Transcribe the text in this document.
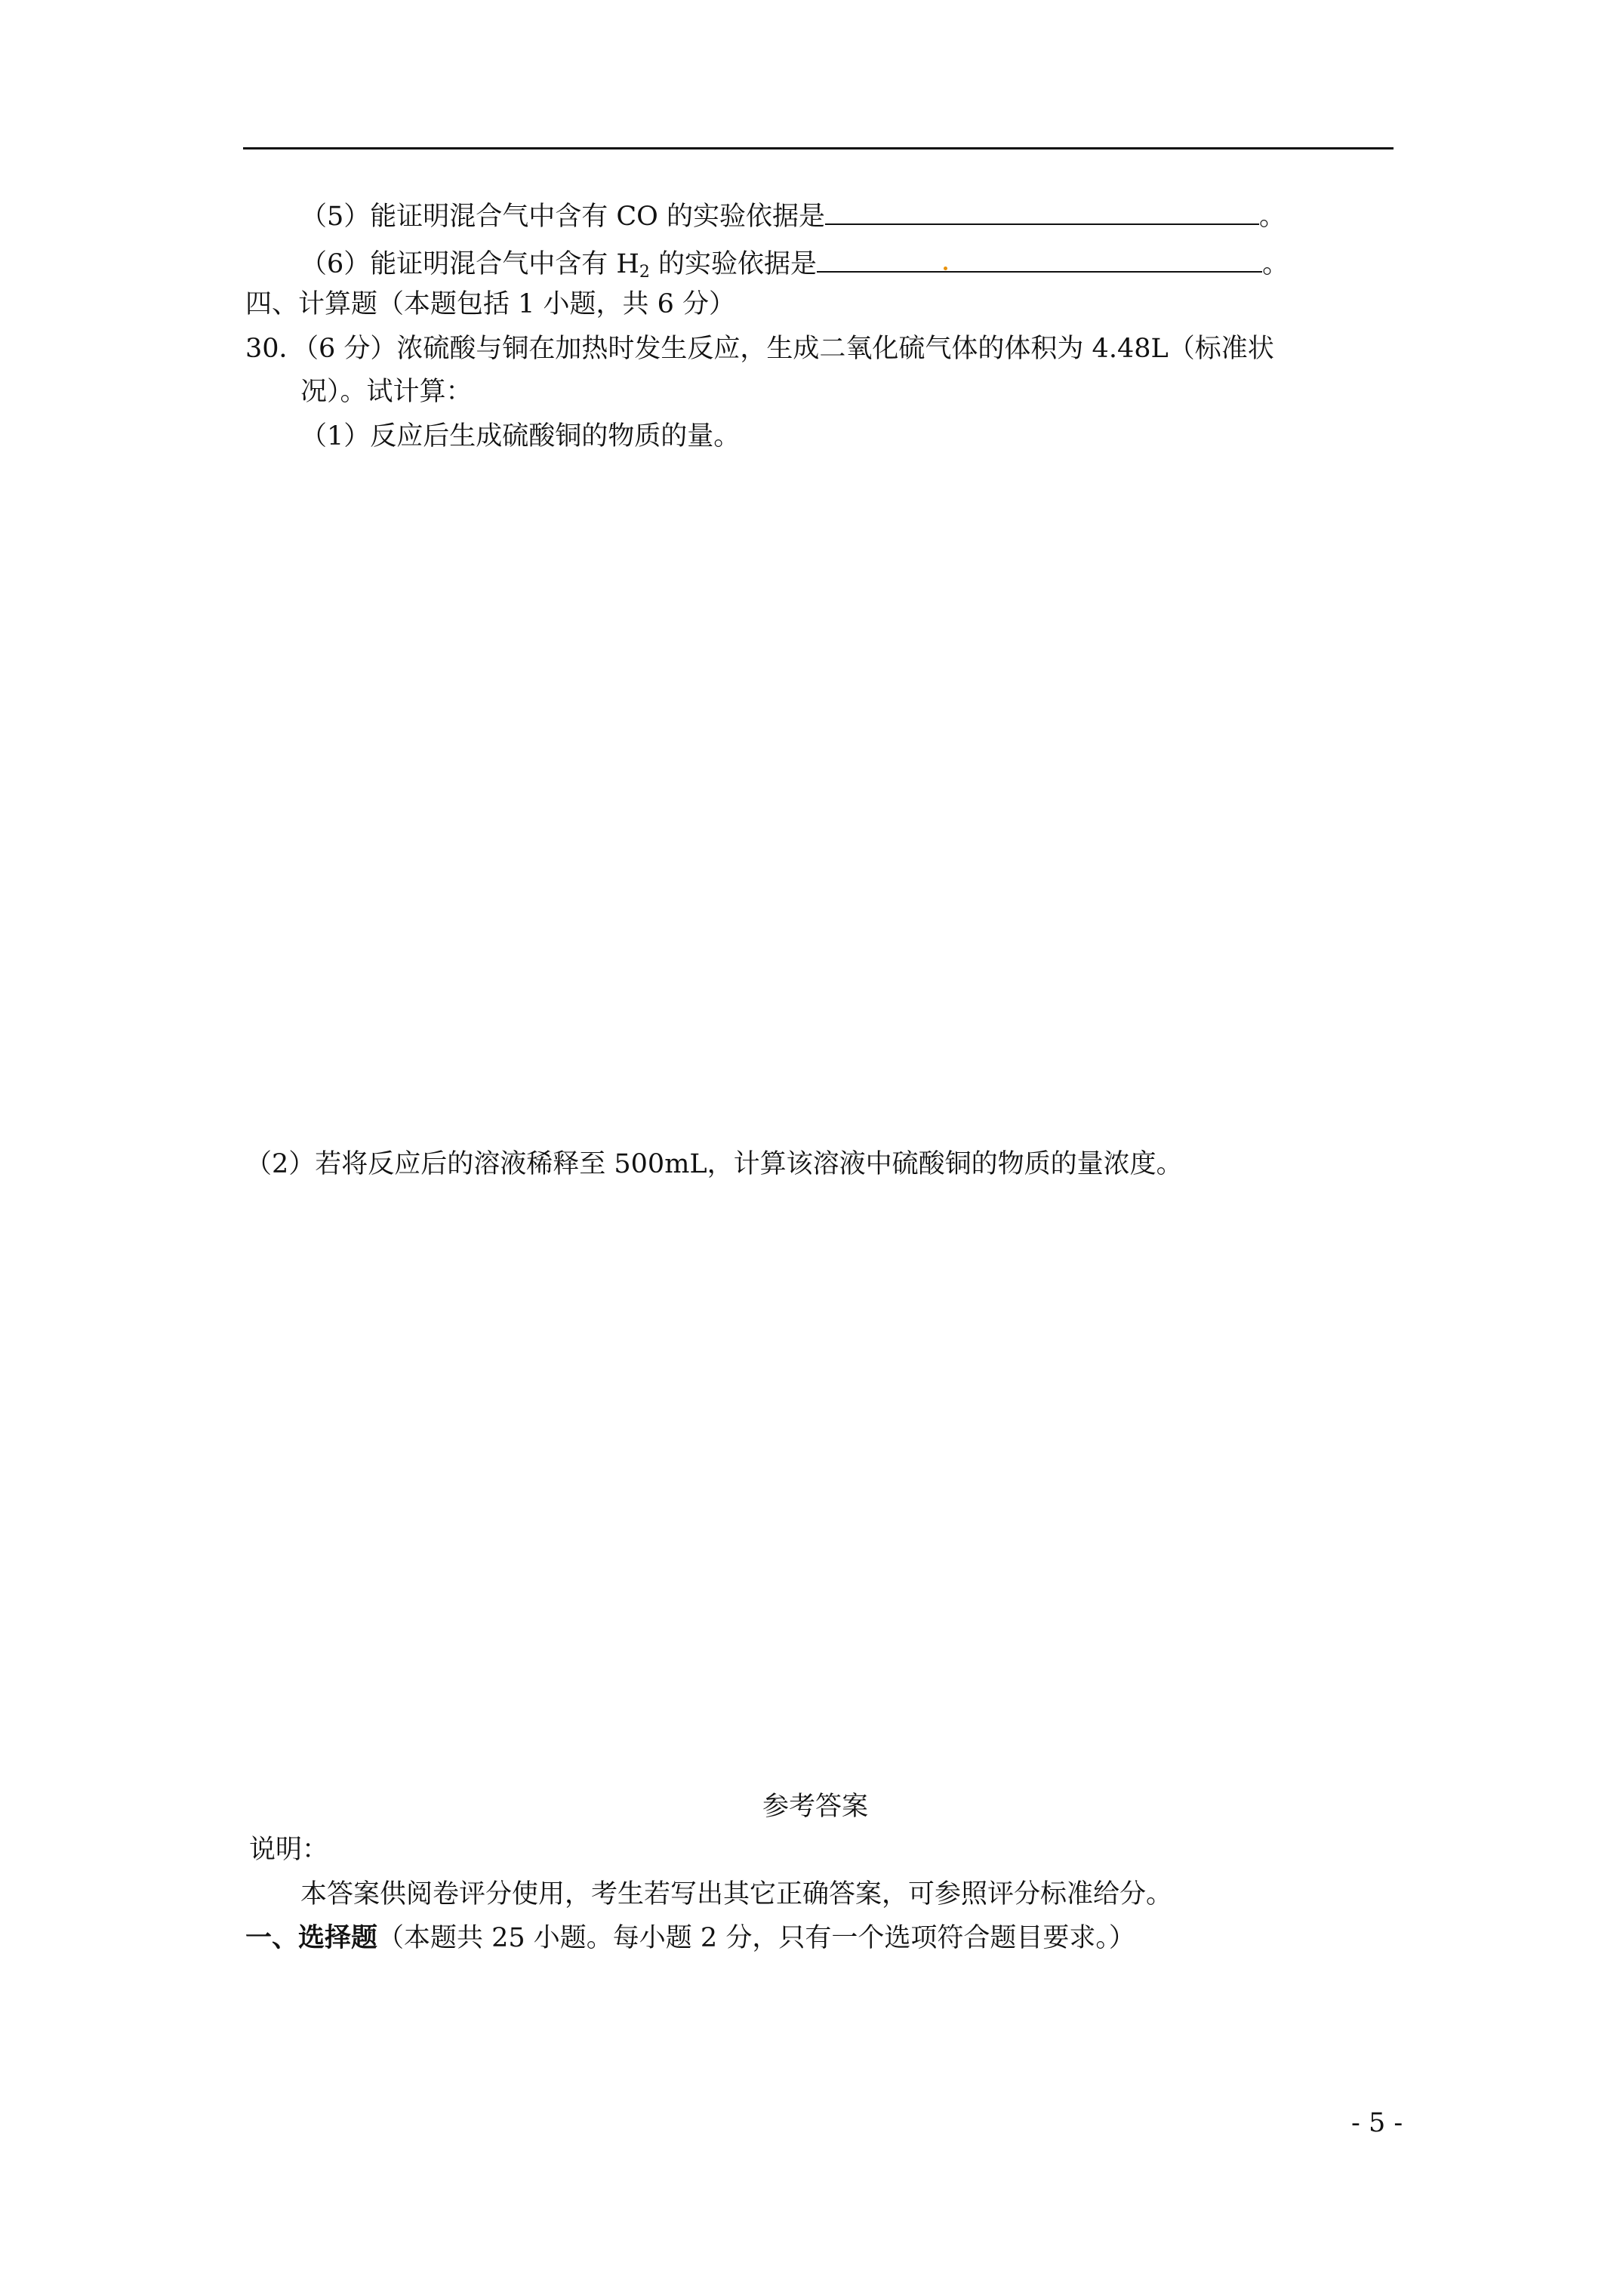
（5）能证明混合气中含有 CO 的实验依据是	。
（6）能证明混合气中含有 $H_2$ 的实验依据是	。
四、计算题（本题包括 1 小题，共 6 分）
30．（6 分）浓硫酸与铜在加热时发生反应，生成二氧化硫气体的体积为 4.48L（标准状
况）。试计算：
（1）反应后生成硫酸铜的物质的量。
（2）若将反应后的溶液稀释至 500mL，计算该溶液中硫酸铜的物质的量浓度。
参考答案
说明：
本答案供阅卷评分使用，考生若写出其它正确答案，可参照评分标准给分。
一、选择题（本题共 25 小题。每小题 2 分，只有一个选项符合题目要求。）
- 5 -
